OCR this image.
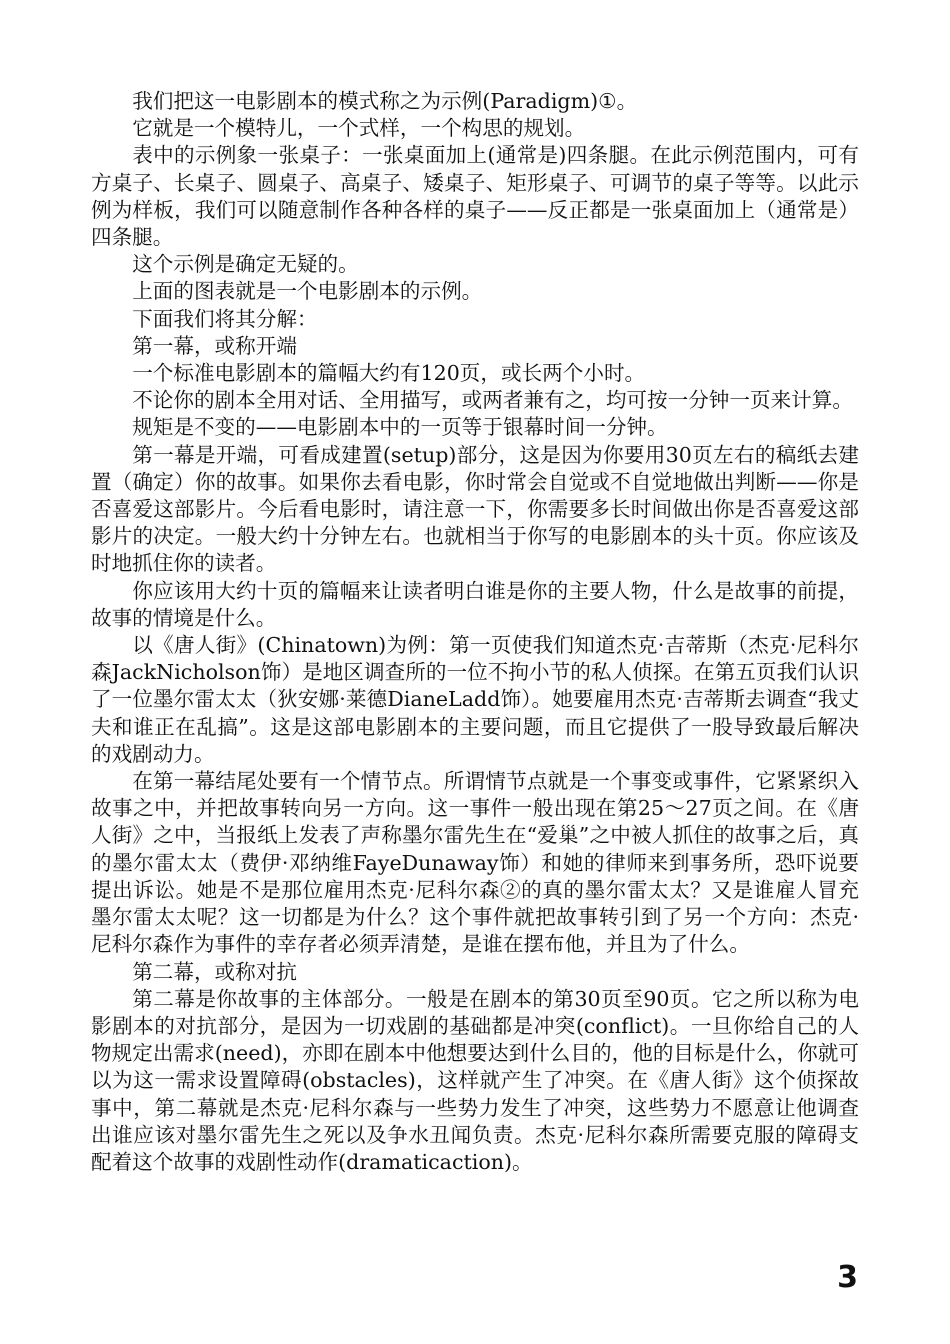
我们把这一电影剧本的模式称之为示例(Paradigm)①。

它就是一个模特儿，一个式样，一个构思的规划。

表中的示例象一张桌子：一张桌面加上(通常是)四条腿。在此示例范围内，可有方桌子、长桌子、圆桌子、高桌子、矮桌子、矩形桌子、可调节的桌子等等。以此示例为样板，我们可以随意制作各种各样的桌子——反正都是一张桌面加上（通常是）四条腿。

这个示例是确定无疑的。

上面的图表就是一个电影剧本的示例。

下面我们将其分解：

第一幕，或称开端

一个标准电影剧本的篇幅大约有120页，或长两个小时。

不论你的剧本全用对话、全用描写，或两者兼有之，均可按一分钟一页来计算。

规矩是不变的——电影剧本中的一页等于银幕时间一分钟。

第一幕是开端，可看成建置(setup)部分，这是因为你要用30页左右的稿纸去建置（确定）你的故事。如果你去看电影，你时常会自觉或不自觉地做出判断——你是否喜爱这部影片。今后看电影时，请注意一下，你需要多长时间做出你是否喜爱这部影片的决定。一般大约十分钟左右。也就相当于你写的电影剧本的头十页。你应该及时地抓住你的读者。

你应该用大约十页的篇幅来让读者明白谁是你的主要人物，什么是故事的前提，故事的情境是什么。

以《唐人街》(Chinatown)为例：第一页使我们知道杰克·吉蒂斯（杰克·尼科尔森JackNicholson饰）是地区调查所的一位不拘小节的私人侦探。在第五页我们认识了一位墨尔雷太太（狄安娜·莱德DianeLadd饰）。她要雇用杰克·吉蒂斯去调查“我丈夫和谁正在乱搞”。这是这部电影剧本的主要问题，而且它提供了一股导致最后解决的戏剧动力。

在第一幕结尾处要有一个情节点。所谓情节点就是一个事变或事件，它紧紧织入故事之中，并把故事转向另一方向。这一事件一般出现在第25～27页之间。在《唐人街》之中，当报纸上发表了声称墨尔雷先生在“爱巢”之中被人抓住的故事之后，真的墨尔雷太太（费伊·邓纳维FayeDunaway饰）和她的律师来到事务所，恐吓说要提出诉讼。她是不是那位雇用杰克·尼科尔森②的真的墨尔雷太太？又是谁雇人冒充墨尔雷太太呢？这一切都是为什么？这个事件就把故事转引到了另一个方向：杰克·尼科尔森作为事件的幸存者必须弄清楚，是谁在摆布他，并且为了什么。

第二幕，或称对抗

第二幕是你故事的主体部分。一般是在剧本的第30页至90页。它之所以称为电影剧本的对抗部分，是因为一切戏剧的基础都是冲突(conflict)。一旦你给自己的人物规定出需求(need)，亦即在剧本中他想要达到什么目的，他的目标是什么，你就可以为这一需求设置障碍(obstacles)，这样就产生了冲突。在《唐人街》这个侦探故事中，第二幕就是杰克·尼科尔森与一些势力发生了冲突，这些势力不愿意让他调查出谁应该对墨尔雷先生之死以及争水丑闻负责。杰克·尼科尔森所需要克服的障碍支配着这个故事的戏剧性动作(dramaticaction)。

3
